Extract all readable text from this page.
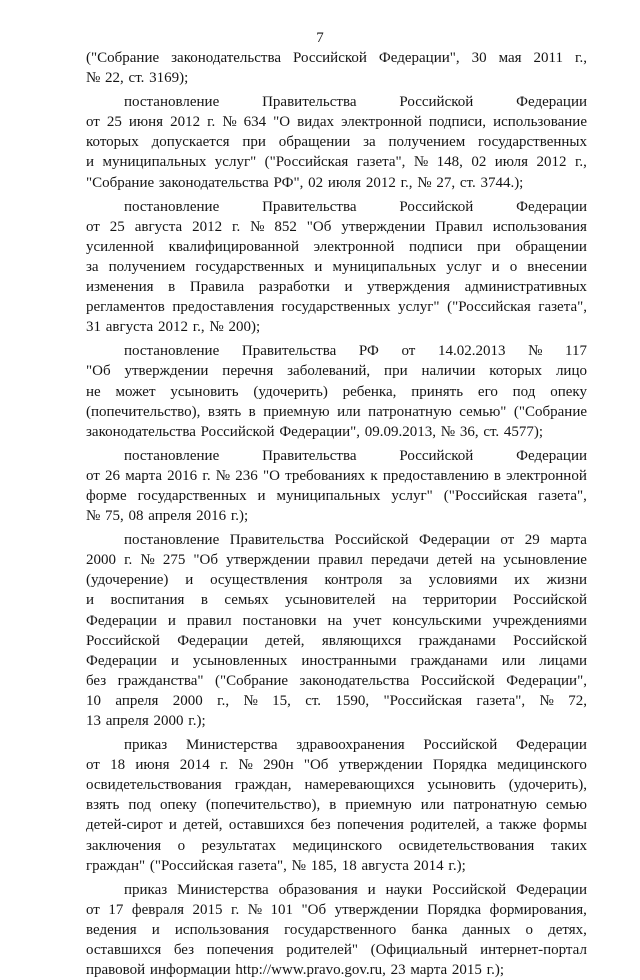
7
("Собрание законодательства Российской Федерации", 30 мая 2011 г.,
№ 22, ст. 3169);
постановление	Правительства	Российской	Федерации
от 25 июня 2012 г. № 634 "О видах электронной подписи, использование
которых допускается при обращении за получением государственных
и муниципальных услуг" ("Российская газета", № 148, 02 июля 2012 г.,
"Собрание законодательства РФ", 02 июля 2012 г., № 27, ст. 3744.);
постановление	Правительства	Российской	Федерации
от 25 августа 2012 г. № 852 "Об утверждении Правил использования
усиленной квалифицированной электронной подписи при обращении
за получением государственных и муниципальных услуг и о внесении
изменения в Правила разработки и утверждения административных
регламентов предоставления государственных услуг" ("Российская газета",
31 августа 2012 г., № 200);
постановление Правительства РФ от 14.02.2013 № 117
"Об утверждении перечня заболеваний, при наличии которых лицо
не может усыновить (удочерить) ребенка, принять его под опеку
(попечительство), взять в приемную или патронатную семью" ("Собрание
законодательства Российской Федерации", 09.09.2013, № 36, ст. 4577);
постановление	Правительства	Российской	Федерации
от 26 марта 2016 г. № 236 "О требованиях к предоставлению в электронной
форме государственных и муниципальных услуг" ("Российская газета",
№ 75, 08 апреля 2016 г.);
постановление Правительства Российской Федерации от 29 марта
2000 г. № 275 "Об утверждении правил передачи детей на усыновление
(удочерение) и осуществления контроля за условиями их жизни
и воспитания в семьях усыновителей на территории Российской
Федерации и правил постановки на учет консульскими учреждениями
Российской Федерации детей, являющихся гражданами Российской
Федерации и усыновленных иностранными гражданами или лицами
без гражданства" ("Собрание законодательства Российской Федерации",
10 апреля 2000 г., № 15, ст. 1590, "Российская газета", № 72,
13 апреля 2000 г.);
приказ Министерства здравоохранения Российской Федерации
от 18 июня 2014 г. № 290н "Об утверждении Порядка медицинского
освидетельствования граждан, намеревающихся усыновить (удочерить),
взять под опеку (попечительство), в приемную или патронатную семью
детей-сирот и детей, оставшихся без попечения родителей, а также формы
заключения о результатах медицинского освидетельствования таких
граждан" ("Российская газета", № 185, 18 августа 2014 г.);
приказ Министерства образования и науки Российской Федерации
от 17 февраля 2015 г. № 101 "Об утверждении Порядка формирования,
ведения и использования государственного банка данных о детях,
оставшихся без попечения родителей" (Официальный интернет-портал
правовой информации http://www.pravo.gov.ru, 23 марта 2015 г.);
